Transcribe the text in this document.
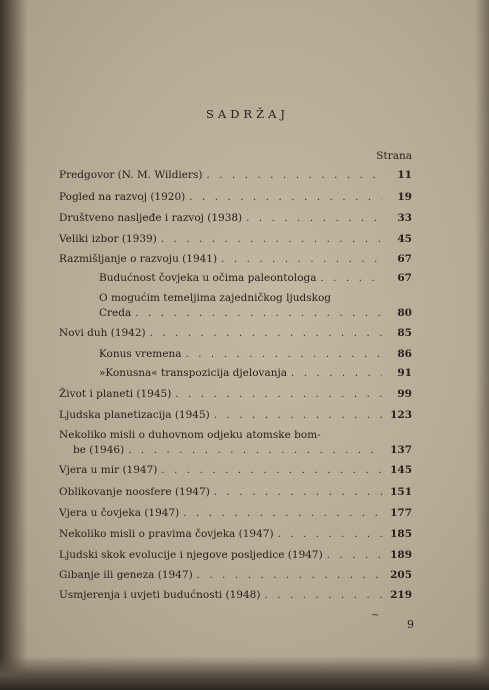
SADRŽAJ
Strana
Predgovor (N. M. Wildiers) . . .	11
Pogled na razvoj (1920) . . .	19
Društveno nasljeđe i razvoj (1938) . . .	33
Veliki izbor (1939) . . .	45
Razmišljanje o razvoju (1941) . . .	67
Budućnost čovjeka u očima paleontologa . . .	67
O mogućim temeljima zajedničkog ljudskog
Creda . . .	80
Novi duh (1942) . . .	85
Konus vremena . . .	86
»Konusna« transpozicija djelovanja . . .	91
Život i planeti (1945) . . .	99
Ljudska planetizacija (1945) . . .	123
Nekoliko misli o duhovnom odjeku atomske bom-
be (1946) . . .	137
Vjera u mir (1947) . . .	145
Oblikovanje noosfere (1947) . . .	151
Vjera u čovjeka (1947) . . .	177
Nekoliko misli o pravima čovjeka (1947) . . .	185
Ljudski skok evolucije i njegove posljedice (1947) . . .	189
Gibanje ili geneza (1947) . . .	205
Usmjerenja i uvjeti budućnosti (1948) . . .	219
~
9
